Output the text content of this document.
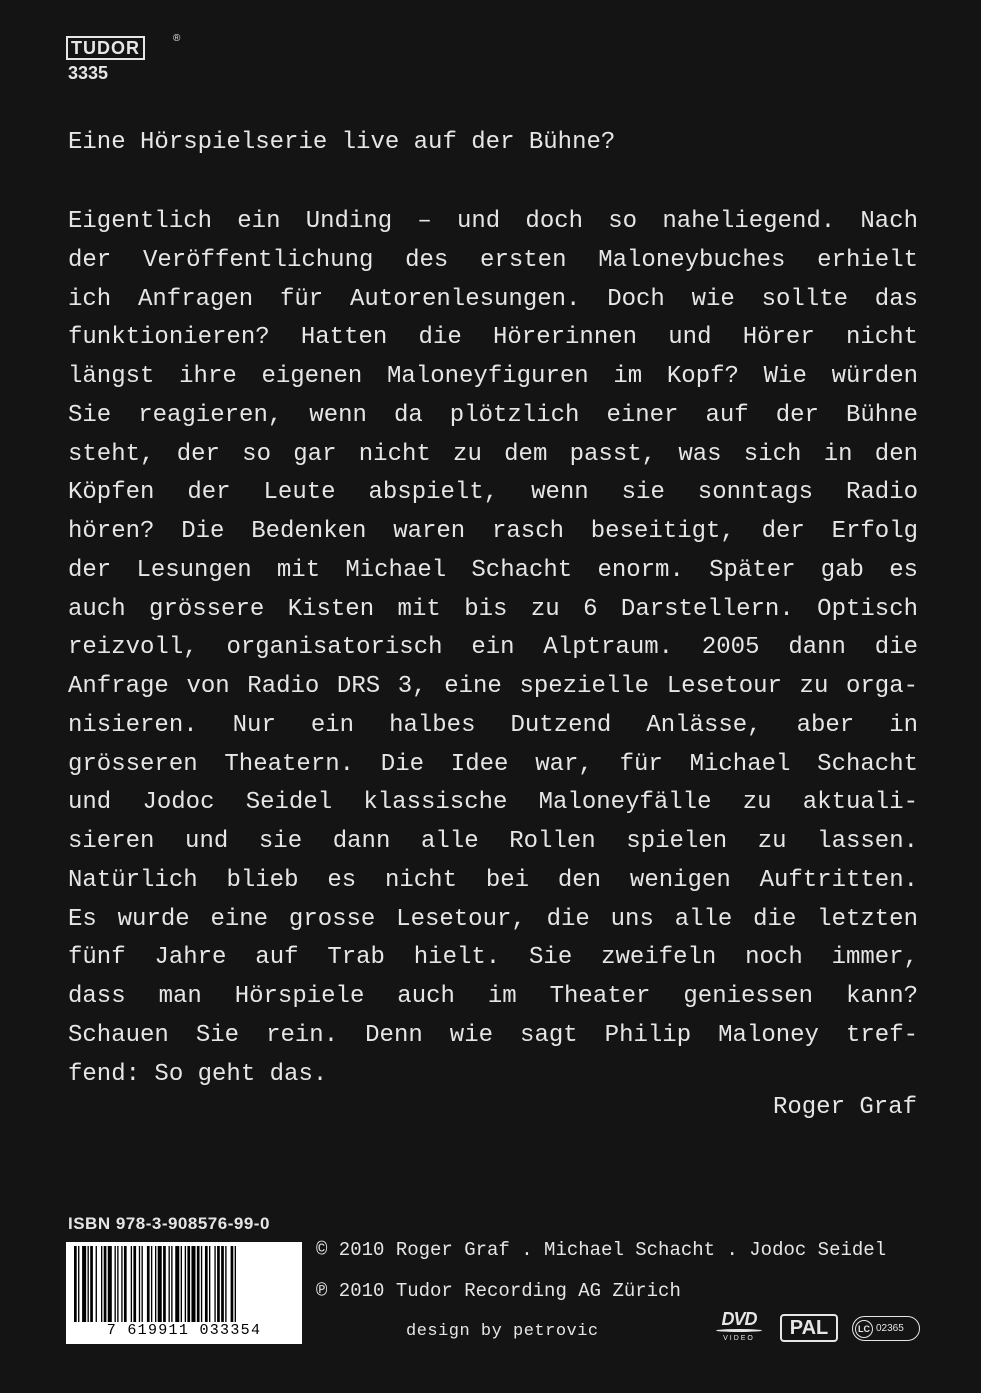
TUDOR	®
3335
Eine Hörspielserie live auf der Bühne?
Eigentlich ein Unding – und doch so naheliegend. Nach
der Veröffentlichung des ersten Maloneybuches erhielt
ich Anfragen für Autorenlesungen. Doch wie sollte das
funktionieren? Hatten die Hörerinnen und Hörer nicht
längst ihre eigenen Maloneyfiguren im Kopf? Wie würden
Sie reagieren, wenn da plötzlich einer auf der Bühne
steht, der so gar nicht zu dem passt, was sich in den
Köpfen der Leute abspielt, wenn sie sonntags Radio
hören? Die Bedenken waren rasch beseitigt, der Erfolg
der Lesungen mit Michael Schacht enorm. Später gab es
auch grössere Kisten mit bis zu 6 Darstellern. Optisch
reizvoll, organisatorisch ein Alptraum. 2005 dann die
Anfrage von Radio DRS 3, eine spezielle Lesetour zu orga-
nisieren. Nur ein halbes Dutzend Anlässe, aber in
grösseren Theatern. Die Idee war, für Michael Schacht
und Jodoc Seidel klassische Maloneyfälle zu aktuali-
sieren und sie dann alle Rollen spielen zu lassen.
Natürlich blieb es nicht bei den wenigen Auftritten.
Es wurde eine grosse Lesetour, die uns alle die letzten
fünf Jahre auf Trab hielt. Sie zweifeln noch immer,
dass man Hörspiele auch im Theater geniessen kann?
Schauen Sie rein. Denn wie sagt Philip Maloney tref-
fend: So geht das.
Roger Graf
ISBN 978-3-908576-99-0
7 619911 033354
© 2010 Roger Graf . Michael Schacht . Jodoc Seidel
℗ 2010 Tudor Recording AG Zürich
design by petrovic
DVD
VIDEO	PAL	LC 02365
